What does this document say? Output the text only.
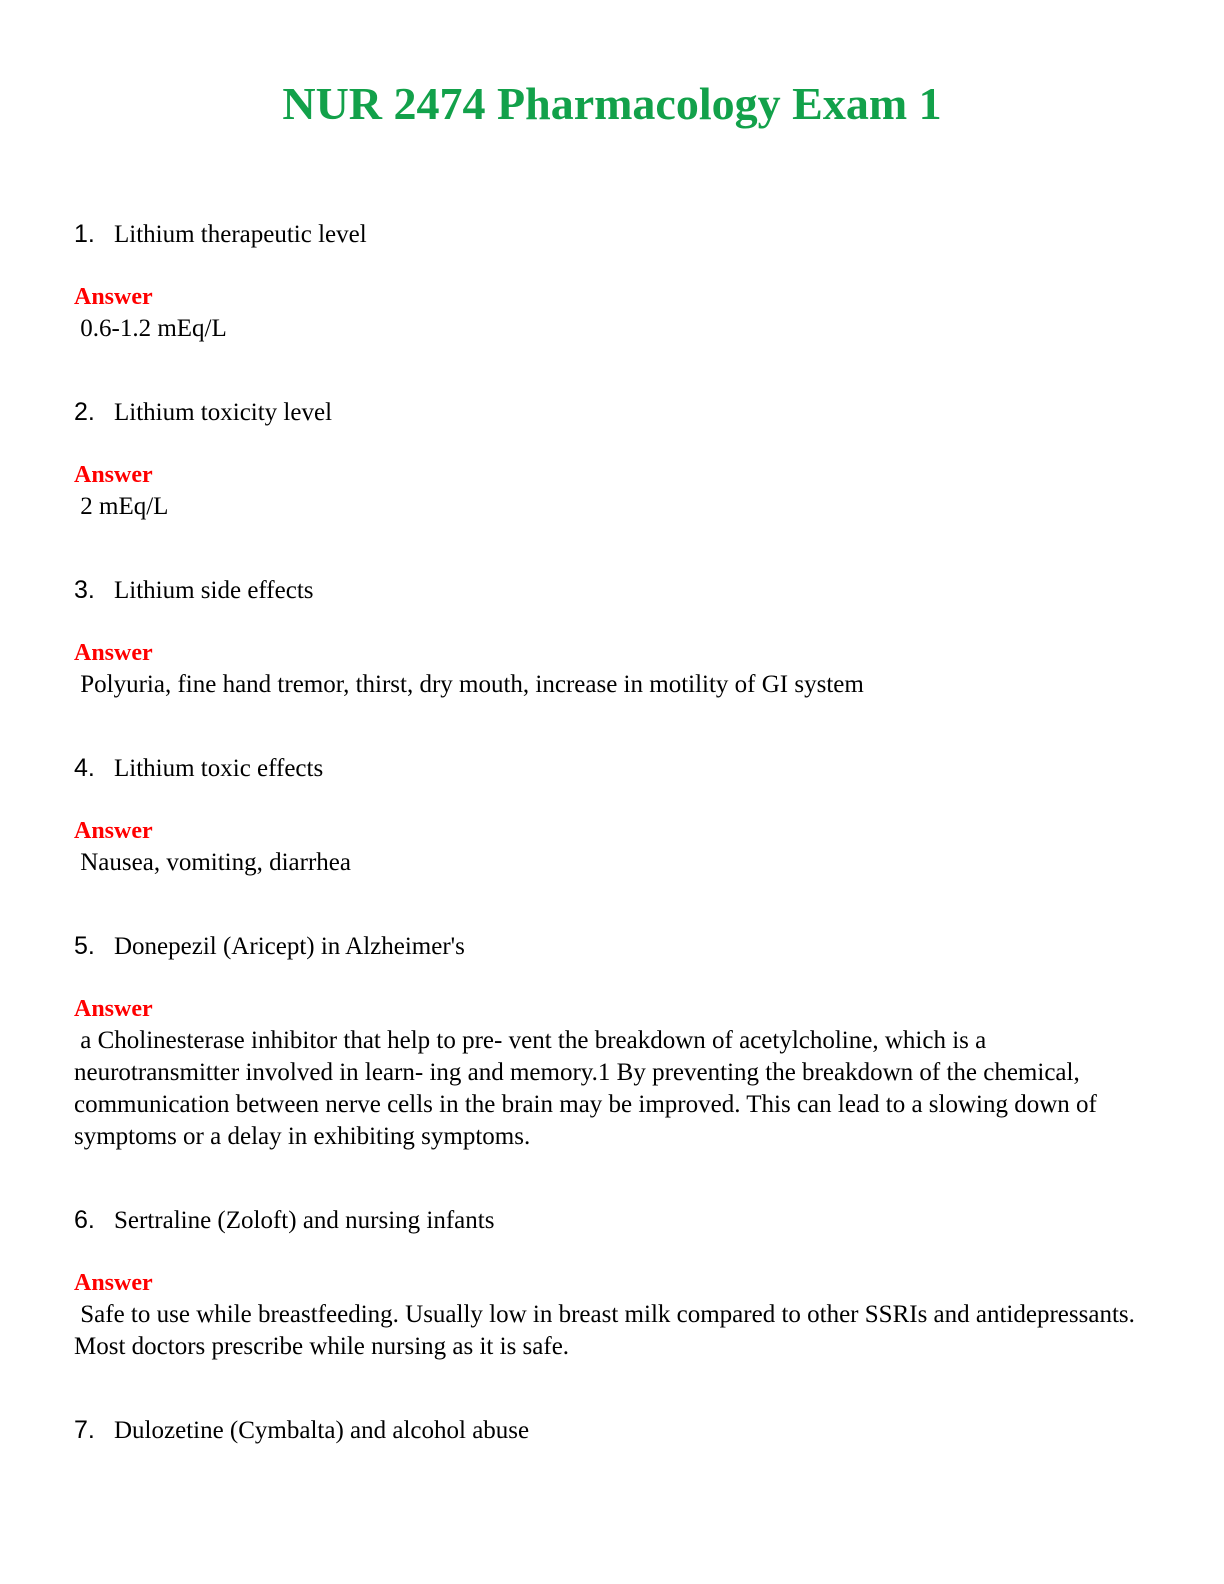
NUR 2474 Pharmacology Exam 1
1. Lithium therapeutic level
Answer
0.6-1.2 mEq/L
2. Lithium toxicity level
Answer
2 mEq/L
3. Lithium side effects
Answer
Polyuria, fine hand tremor, thirst, dry mouth, increase in motility of GI system
4. Lithium toxic effects
Answer
Nausea, vomiting, diarrhea
5. Donepezil (Aricept) in Alzheimer's
Answer
a Cholinesterase inhibitor that help to pre- vent the breakdown of acetylcholine, which is a neurotransmitter involved in learn- ing and memory.1 By preventing the breakdown of the chemical, communication between nerve cells in the brain may be improved. This can lead to a slowing down of symptoms or a delay in exhibiting symptoms.
6. Sertraline (Zoloft) and nursing infants
Answer
Safe to use while breastfeeding. Usually low in breast milk compared to other SSRIs and antidepressants. Most doctors prescribe while nursing as it is safe.
7. Dulozetine (Cymbalta) and alcohol abuse
